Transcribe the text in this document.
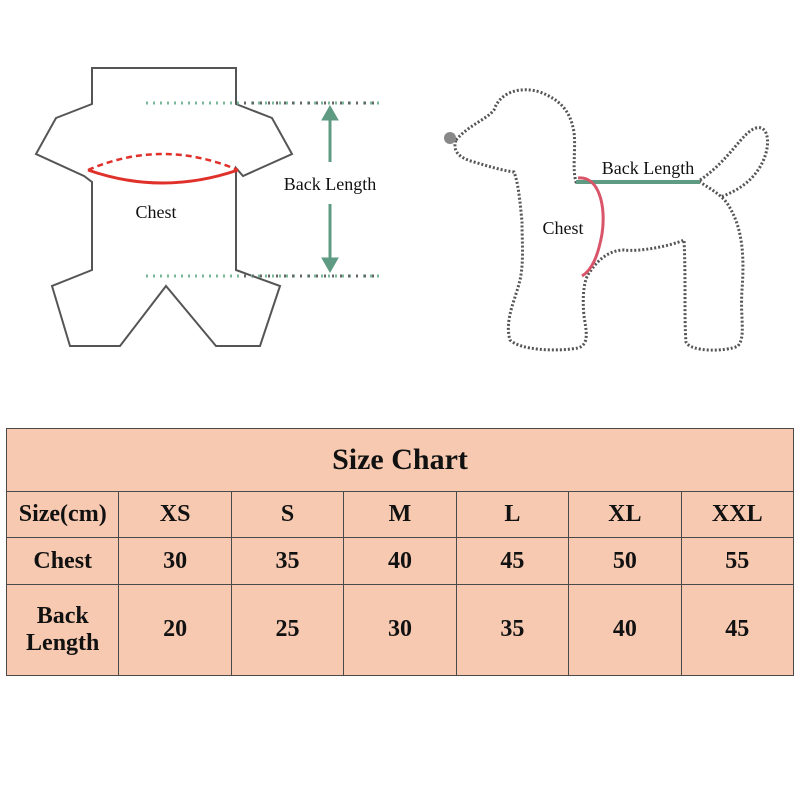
Chest
Back Length
Back Length
Chest
Size Chart						
Size(cm)	XS	S	M	L	XL	XXL
Chest	30	35	40	45	50	55
Back Length	20	25	30	35	40	45
